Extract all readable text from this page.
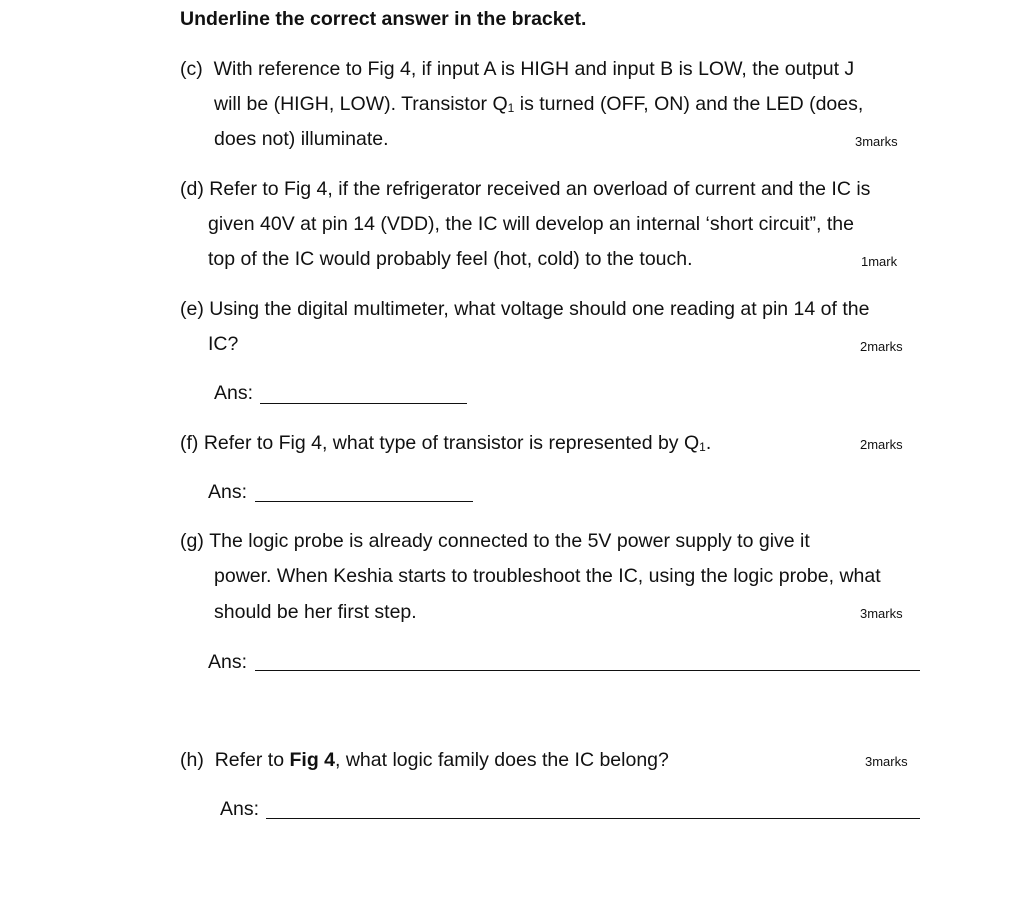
Underline the correct answer in the bracket.
(c) With reference to Fig 4, if input A is HIGH and input B is LOW, the output J
will be (HIGH, LOW). Transistor $Q_1$ is turned (OFF, ON) and the LED (does,
does not) illuminate.	3marks
(d) Refer to Fig 4, if the refrigerator received an overload of current and the IC is
given 40V at pin 14 (VDD), the IC will develop an internal ‘short circuit”, the
top of the IC would probably feel (hot, cold) to the touch.	1mark
(e) Using the digital multimeter, what voltage should one reading at pin 14 of the
IC?	2marks
Ans:
(f) Refer to Fig 4, what type of transistor is represented by $Q_1$.	2marks
Ans:
(g) The logic probe is already connected to the 5V power supply to give it
power. When Keshia starts to troubleshoot the IC, using the logic probe, what
should be her first step.	3marks
Ans:
(h) Refer to Fig 4, what logic family does the IC belong?	3marks
Ans:
